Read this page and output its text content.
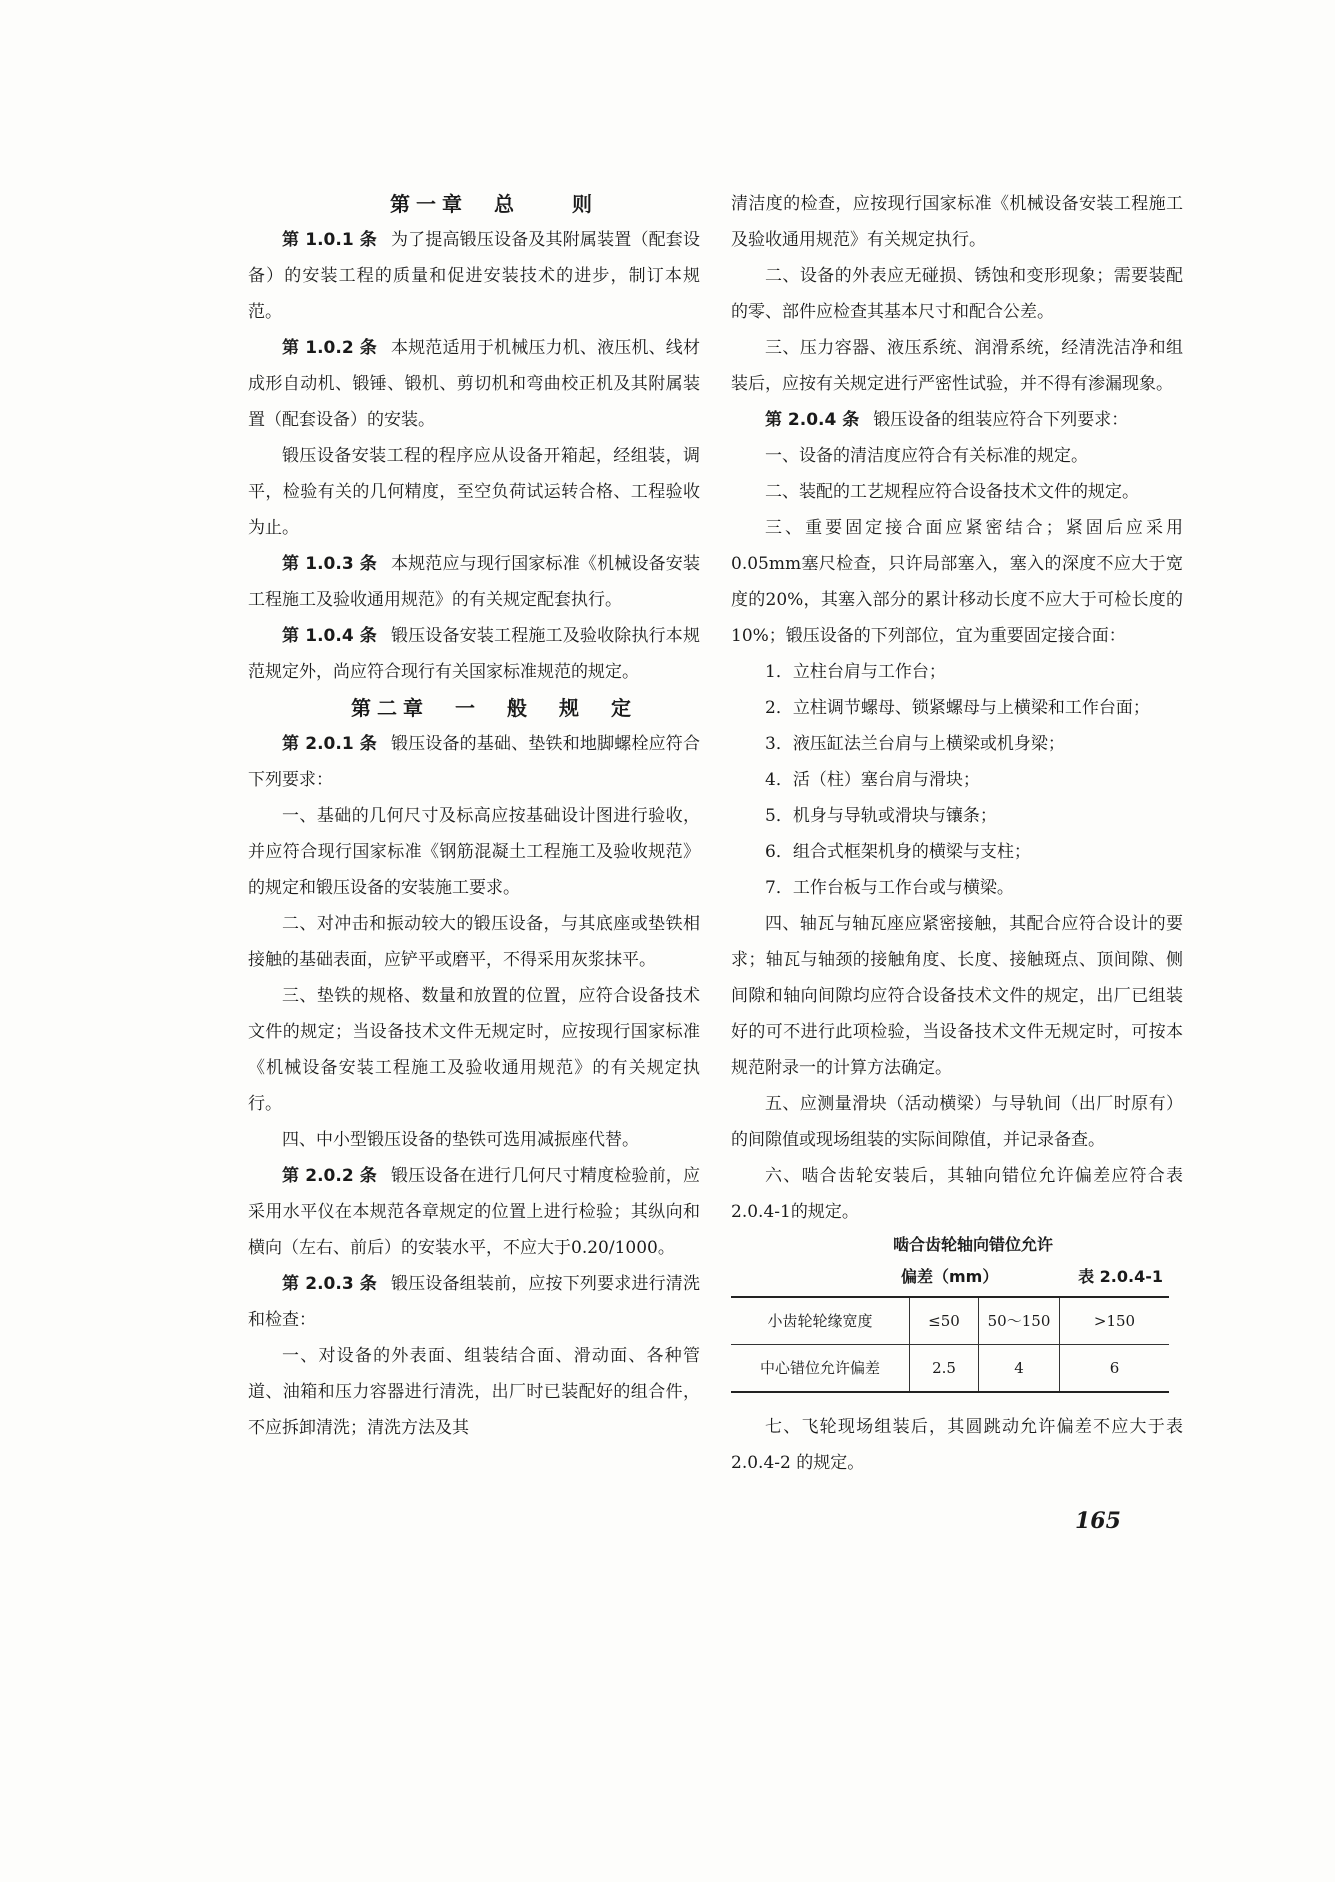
第一章　总　　则

第 1.0.1 条 为了提高锻压设备及其附属装置（配套设备）的安装工程的质量和促进安装技术的进步，制订本规范。

第 1.0.2 条 本规范适用于机械压力机、液压机、线材成形自动机、锻锤、锻机、剪切机和弯曲校正机及其附属装置（配套设备）的安装。

锻压设备安装工程的程序应从设备开箱起，经组装，调平，检验有关的几何精度，至空负荷试运转合格、工程验收为止。

第 1.0.3 条 本规范应与现行国家标准《机械设备安装工程施工及验收通用规范》的有关规定配套执行。

第 1.0.4 条 锻压设备安装工程施工及验收除执行本规范规定外，尚应符合现行有关国家标准规范的规定。

第二章　一　般　规　定

第 2.0.1 条 锻压设备的基础、垫铁和地脚螺栓应符合下列要求：

一、基础的几何尺寸及标高应按基础设计图进行验收，并应符合现行国家标准《钢筋混凝土工程施工及验收规范》的规定和锻压设备的安装施工要求。

二、对冲击和振动较大的锻压设备，与其底座或垫铁相接触的基础表面，应铲平或磨平，不得采用灰浆抹平。

三、垫铁的规格、数量和放置的位置，应符合设备技术文件的规定；当设备技术文件无规定时，应按现行国家标准《机械设备安装工程施工及验收通用规范》的有关规定执行。

四、中小型锻压设备的垫铁可选用减振座代替。

第 2.0.2 条 锻压设备在进行几何尺寸精度检验前，应采用水平仪在本规范各章规定的位置上进行检验；其纵向和横向（左右、前后）的安装水平，不应大于0.20/1000。

第 2.0.3 条 锻压设备组装前，应按下列要求进行清洗和检查：

一、对设备的外表面、组装结合面、滑动面、各种管道、油箱和压力容器进行清洗，出厂时已装配好的组合件，不应拆卸清洗；清洗方法及其

清洁度的检查，应按现行国家标准《机械设备安装工程施工及验收通用规范》有关规定执行。

二、设备的外表应无碰损、锈蚀和变形现象；需要装配的零、部件应检查其基本尺寸和配合公差。

三、压力容器、液压系统、润滑系统，经清洗洁净和组装后，应按有关规定进行严密性试验，并不得有渗漏现象。

第 2.0.4 条 锻压设备的组装应符合下列要求：

一、设备的清洁度应符合有关标准的规定。

二、装配的工艺规程应符合设备技术文件的规定。

三、重要固定接合面应紧密结合；紧固后应采用0.05mm塞尺检查，只许局部塞入，塞入的深度不应大于宽度的20%，其塞入部分的累计移动长度不应大于可检长度的10%；锻压设备的下列部位，宜为重要固定接合面：

1．立柱台肩与工作台；

2．立柱调节螺母、锁紧螺母与上横梁和工作台面；

3．液压缸法兰台肩与上横梁或机身梁；

4．活（柱）塞台肩与滑块；

5．机身与导轨或滑块与镶条；

6．组合式框架机身的横梁与支柱；

7．工作台板与工作台或与横梁。

四、轴瓦与轴瓦座应紧密接触，其配合应符合设计的要求；轴瓦与轴颈的接触角度、长度、接触斑点、顶间隙、侧间隙和轴向间隙均应符合设备技术文件的规定，出厂已组装好的可不进行此项检验，当设备技术文件无规定时，可按本规范附录一的计算方法确定。

五、应测量滑块（活动横梁）与导轨间（出厂时原有）的间隙值或现场组装的实际间隙值，并记录备查。

六、啮合齿轮安装后，其轴向错位允许偏差应符合表2.0.4-1的规定。

啮合齿轮轴向错位允许

偏差（mm）	表 2.0.4-1
小齿轮轮缘宽度	≤50	50～150	>150
中心错位允许偏差	2.5	4	6

七、飞轮现场组装后，其圆跳动允许偏差不应大于表 2.0.4-2 的规定。

165
